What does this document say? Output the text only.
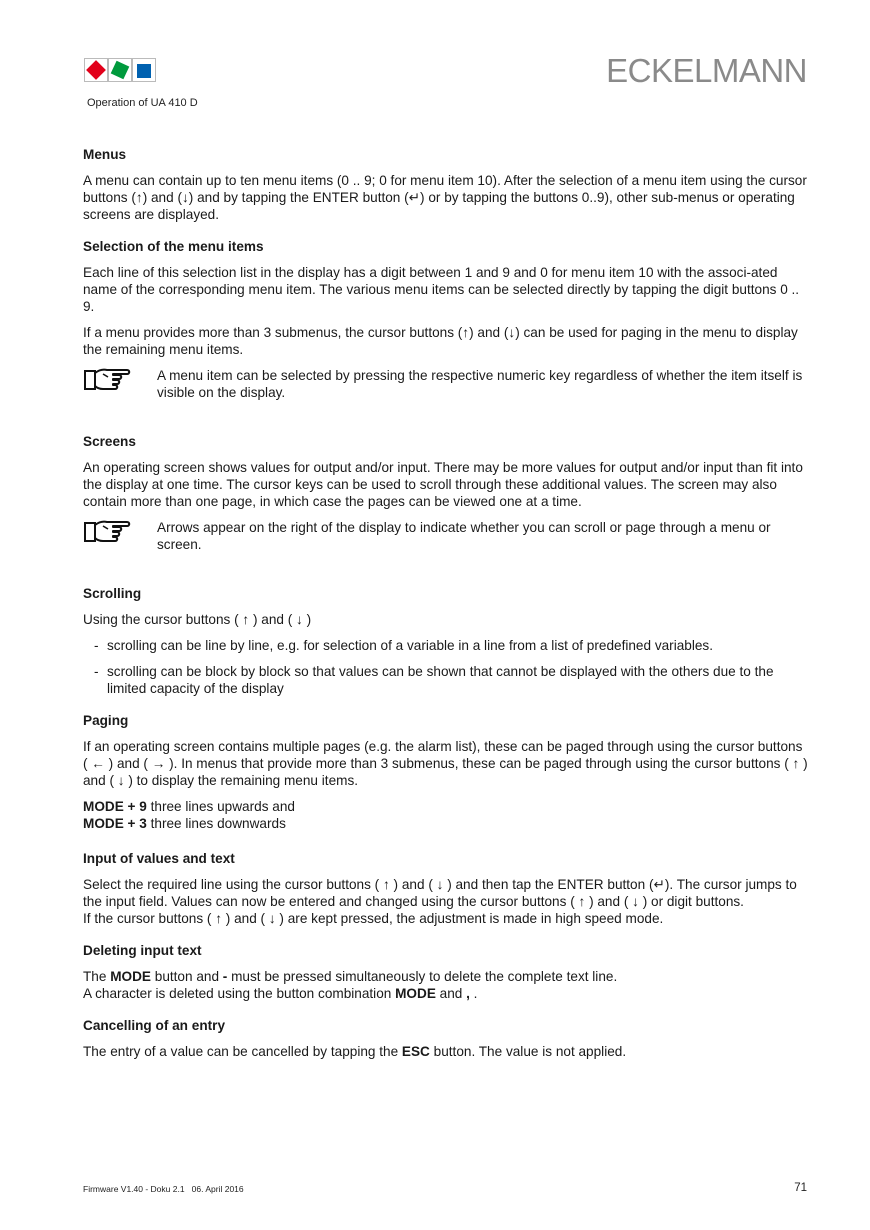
ECKELMANN
Operation of UA 410 D
Menus

A menu can contain up to ten menu items (0 .. 9; 0 for menu item 10). After the selection of a menu item using the cursor buttons (↑) and (↓) and by tapping the ENTER button (↵) or by tapping the buttons 0..9), other sub-menus or operating screens are displayed.

Selection of the menu items

Each line of this selection list in the display has a digit between 1 and 9 and 0 for menu item 10 with the associ-ated name of the corresponding menu item. The various menu items can be selected directly by tapping the digit buttons 0 .. 9.

If a menu provides more than 3 submenus, the cursor buttons (↑) and (↓) can be used for paging in the menu to display the remaining menu items.

A menu item can be selected by pressing the respective numeric key regardless of whether the item itself is visible on the display.
Screens

An operating screen shows values for output and/or input. There may be more values for output and/or input than fit into the display at one time. The cursor keys can be used to scroll through these additional values. The screen may also contain more than one page, in which case the pages can be viewed one at a time.

Arrows appear on the right of the display to indicate whether you can scroll or page through a menu or screen.
Scrolling

Using the cursor buttons ( ↑ ) and ( ↓ )

- scrolling can be line by line, e.g. for selection of a variable in a line from a list of predefined variables.
- scrolling can be block by block so that values can be shown that cannot be displayed with the others due to the limited capacity of the display
Paging

If an operating screen contains multiple pages (e.g. the alarm list), these can be paged through using the cursor buttons ( ← ) and ( → ). In menus that provide more than 3 submenus, these can be paged through using the cursor buttons ( ↑ ) and ( ↓ ) to display the remaining menu items.

MODE + 9 three lines upwards and
MODE + 3 three lines downwards
Input of values and text
Select the required line using the cursor buttons ( ↑ ) and ( ↓ ) and then tap the ENTER button (↵). The cursor jumps to the input field. Values can now be entered and changed using the cursor buttons ( ↑ ) and ( ↓ ) or digit buttons.

If the cursor buttons ( ↑ ) and ( ↓ ) are kept pressed, the adjustment is made in high speed mode.

Deleting input text
The MODE button and - must be pressed simultaneously to delete the complete text line.

A character is deleted using the button combination MODE and , .

Cancelling of an entry

The entry of a value can be cancelled by tapping the ESC button. The value is not applied.

Firmware V1.40 - Doku 2.1   06. April 2016	71
